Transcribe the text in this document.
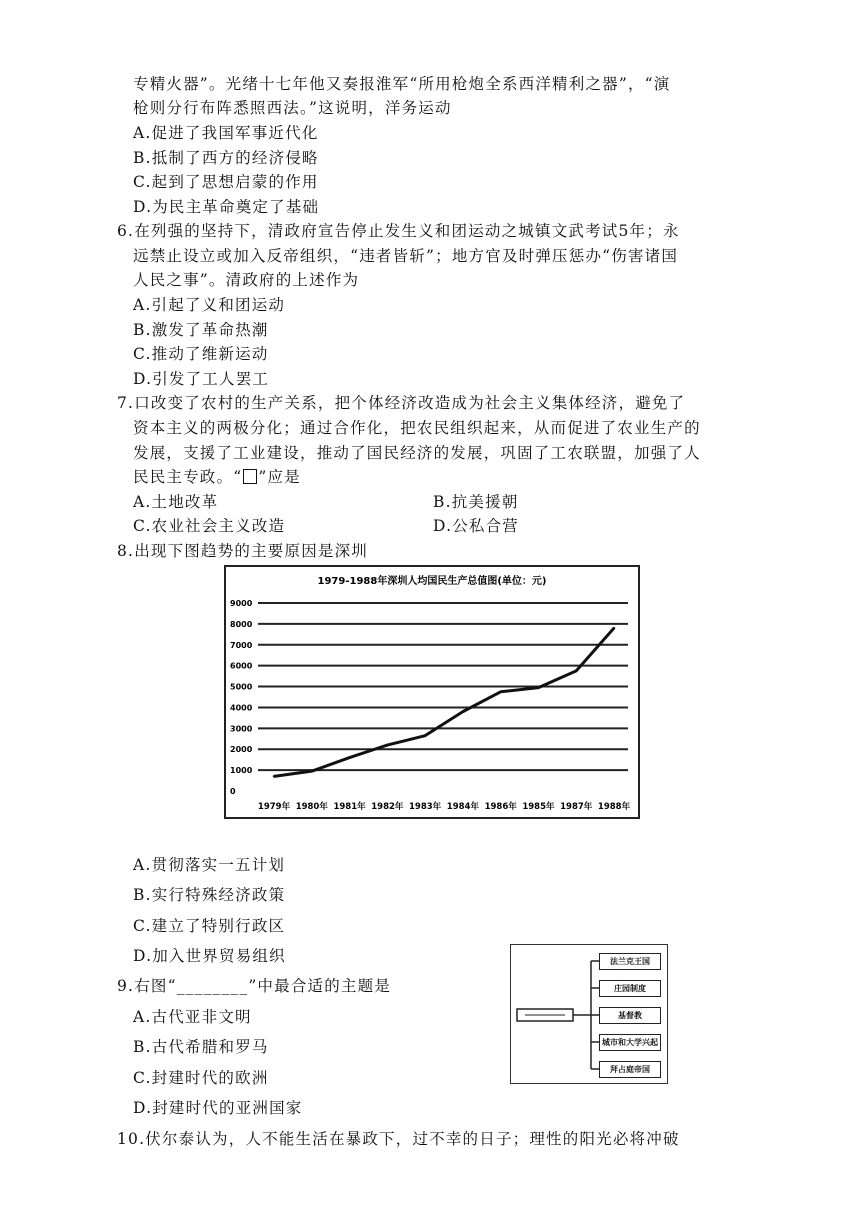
专精火器”。光绪十七年他又奏报淮军“所用枪炮全系西洋精利之器”，“演
枪则分行布阵悉照西法。”这说明，洋务运动
A.促进了我国军事近代化
B.抵制了西方的经济侵略
C.起到了思想启蒙的作用
D.为民主革命奠定了基础
6.在列强的坚持下，清政府宣告停止发生义和团运动之城镇文武考试5年；永
远禁止设立或加入反帝组织，“违者皆斩”；地方官及时弹压惩办“伤害诸国
人民之事”。清政府的上述作为
A.引起了义和团运动
B.激发了革命热潮
C.推动了维新运动
D.引发了工人罢工
7.口改变了农村的生产关系，把个体经济改造成为社会主义集体经济，避免了
资本主义的两极分化；通过合作化，把农民组织起来，从而促进了农业生产的
发展，支援了工业建设，推动了国民经济的发展，巩固了工农联盟，加强了人
民民主专政。“ ”应是
A.土地改革	B.抗美援朝
C.农业社会主义改造	D.公私合营
8.出现下图趋势的主要原因是深圳
1979-1988年深圳人均国民生产总值图(单位：元)
0
1000
2000
3000
4000
5000
6000
7000
8000
9000
1979年 1980年 1981年 1982年 1983年 1984年 1986年 1985年 1987年 1988年
A.贯彻落实一五计划
B.实行特殊经济政策
C.建立了特别行政区
D.加入世界贸易组织
9.右图“________”中最合适的主题是
A.古代亚非文明
B.古代希腊和罗马
C.封建时代的欧洲
D.封建时代的亚洲国家
法兰克王国
庄园制度
基督教
城市和大学兴起
拜占庭帝国
10.伏尔泰认为，人不能生活在暴政下，过不幸的日子；理性的阳光必将冲破
